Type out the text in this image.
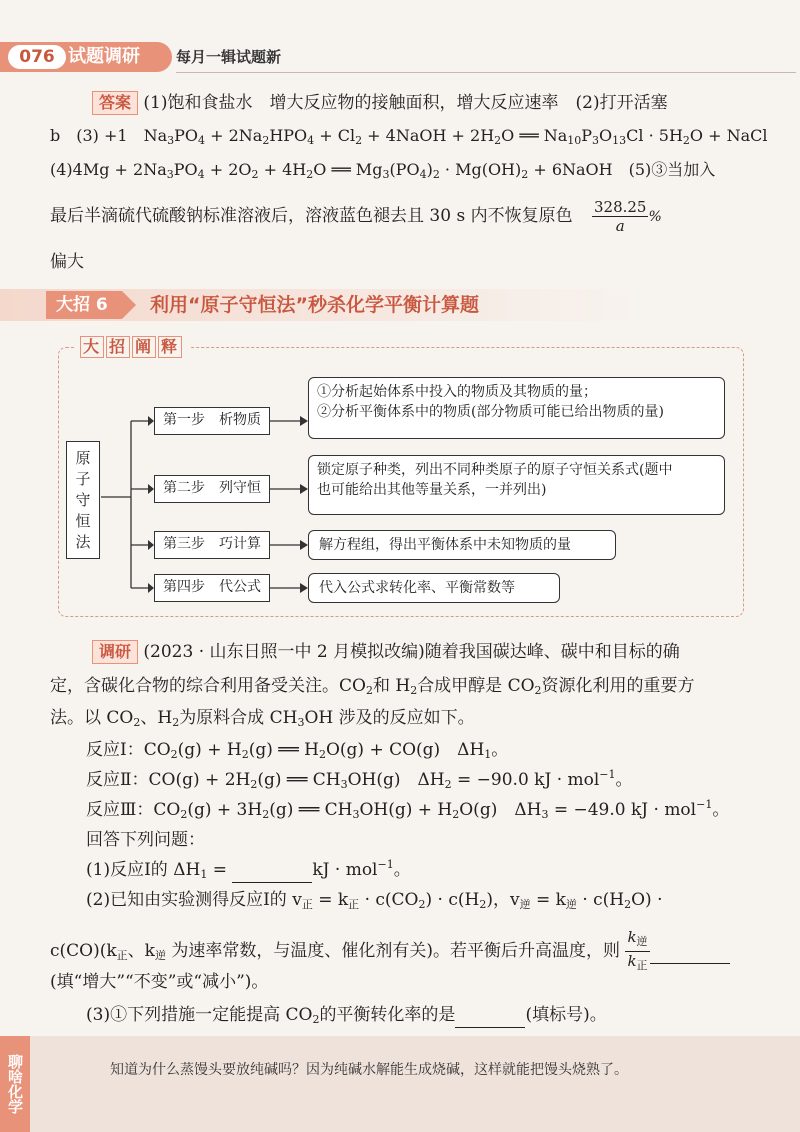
076 试题调研 每月一辑试题新
答案 (1)饱和食盐水　增大反应物的接触面积，增大反应速率　(2)打开活塞
b　(3) +1　$Na_3PO_4 + 2Na_2HPO_4 + Cl_2$ + 4NaOH + $2H_2O$ ══ $Na_{10}P_3O_{13}Cl \cdot 5H_2O$ + NaCl
$(4)4Mg + 2Na_3PO_4 + 2O_2 + 4H_2O$ ══ $Mg_3(PO_4)_2 \cdot Mg(OH)_2$ + 6NaOH　(5)③当加入
最后半滴硫代硫酸钠标准溶液后，溶液蓝色褪去且 30 s 内不恢复原色 $\frac{328.25}{a}$ %
偏大
大招 6	利用“原子守恒法”秒杀化学平衡计算题
大 招 阐 释
原子守恒法
第一步　析物质
①分析起始体系中投入的物质及其物质的量；
②分析平衡体系中的物质(部分物质可能已给出物质的量)
第二步　列守恒
锁定原子种类，列出不同种类原子的原子守恒关系式(题中
也可能给出其他等量关系，一并列出)
第三步　巧计算	解方程组，得出平衡体系中未知物质的量
第四步　代公式	代入公式求转化率、平衡常数等
调研 (2023 · 山东日照一中 2 月模拟改编)随着我国碳达峰、碳中和目标的确
定，含碳化合物的综合利用备受关注。$CO_2$和 $H_2$合成甲醇是 $CO_2$资源化利用的重要方
法。以 $CO_2$、$H_2$为原料合成 $CH_3OH$ 涉及的反应如下。
反应Ⅰ：$CO_2(g) + H_2(g)$ ══ $H_2O(g) + CO(g)$　$\Delta H_1$。
反应Ⅱ：$CO(g) + 2H_2(g)$ ══ $CH_3OH(g)$　$\Delta H_2 = -90.0$ kJ · mol$^{-1}$。
反应Ⅲ：$CO_2(g) + 3H_2(g)$ ══ $CH_3OH(g) + H_2O(g)$　$\Delta H_3 = -49.0$ kJ · mol$^{-1}$。
回答下列问题：
(1)反应Ⅰ的 $\Delta H_1$ =	kJ · mol$^{-1}$。
(2)已知由实验测得反应Ⅰ的 $v_正 = k_正 \cdot c(CO_2) \cdot c(H_2)$，$v_逆 = k_逆 \cdot c(H_2O)$ ·
$c(CO)(k_正$、$k_逆$ 为速率常数，与温度、催化剂有关)。若平衡后升高温度，则 $\frac{k_逆}{k_正}$

(填“增大”“不变”或“减小”)。
(3)①下列措施一定能提高 $CO_2$的平衡转化率的是	(填标号)。
聊啥化学	知道为什么蒸馒头要放纯碱吗？因为纯碱水解能生成烧碱，这样就能把馒头烧熟了。
